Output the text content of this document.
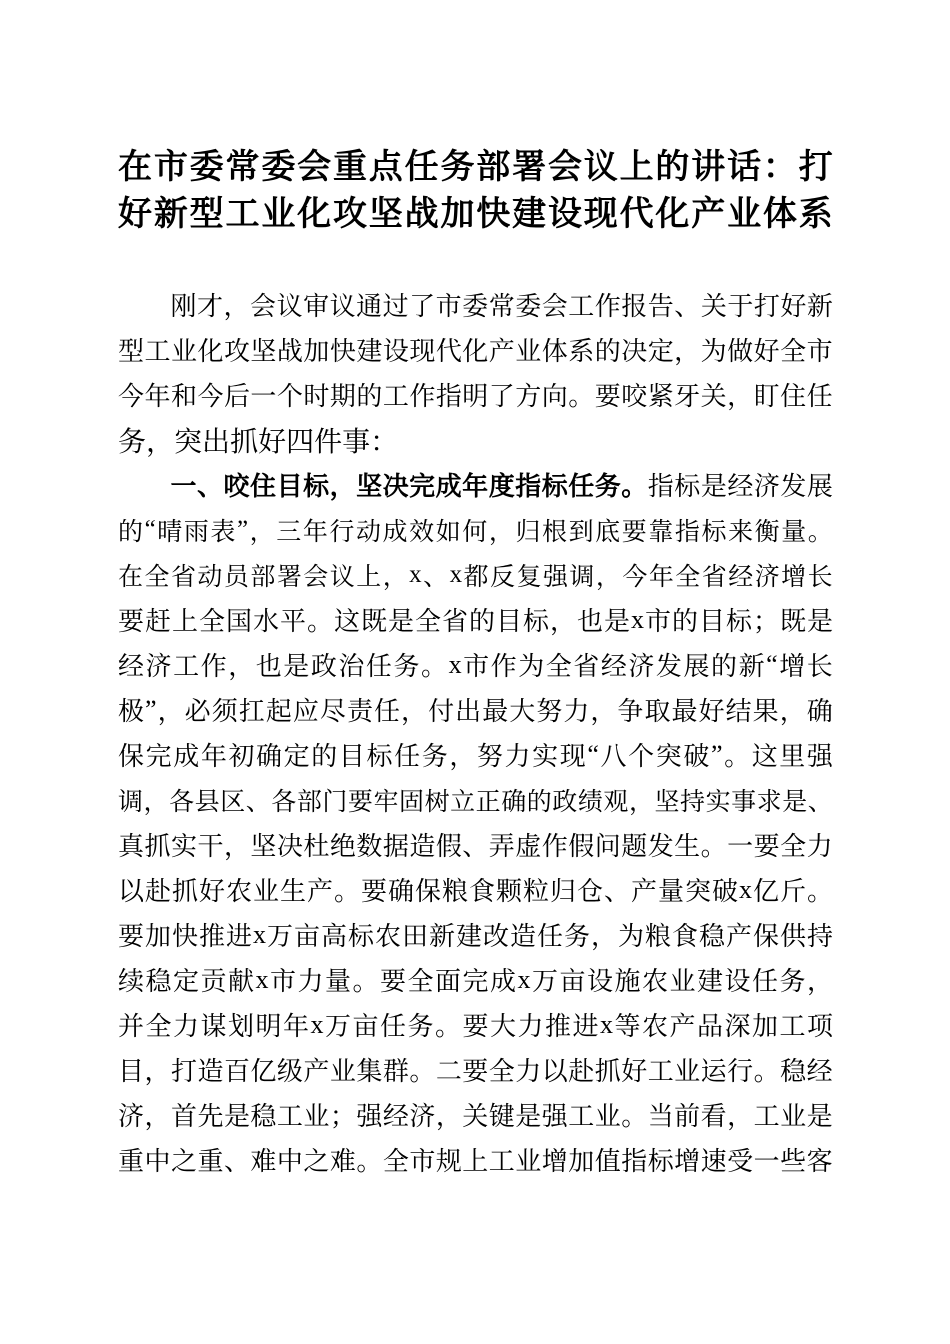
在 市 委 常 委 会 重 点 任 务 部 署 会 议 上 的 讲 话 ： 打
好 新 型 工 业 化 攻 坚 战 加 快 建 设 现 代 化 产 业 体 系
刚 才 ， 会 议 审 议 通 过 了 市 委 常 委 会 工 作 报 告 、 关 于 打 好 新
型 工 业 化 攻 坚 战 加 快 建 设 现 代 化 产 业 体 系 的 决 定 ， 为 做 好 全 市
今 年 和 今 后 一 个 时 期 的 工 作 指 明 了 方 向 。 要 咬 紧 牙 关 ， 盯 住 任
务 ， 突 出 抓 好 四 件 事 ：
一 、 咬 住 目 标 ， 坚 决 完 成 年 度 指 标 任 务 。 指 标 是 经 济 发 展
的 “ 晴 雨 表 ” ， 三 年 行 动 成 效 如 何 ， 归 根 到 底 要 靠 指 标 来 衡 量 。
在 全 省 动 员 部 署 会 议 上 ， x 、 x 都 反 复 强 调 ， 今 年 全 省 经 济 增 长
要 赶 上 全 国 水 平 。 这 既 是 全 省 的 目 标 ， 也 是 x 市 的 目 标 ； 既 是
经 济 工 作 ， 也 是 政 治 任 务 。 x 市 作 为 全 省 经 济 发 展 的 新 “ 增 长
极 ” ， 必 须 扛 起 应 尽 责 任 ， 付 出 最 大 努 力 ， 争 取 最 好 结 果 ， 确
保 完 成 年 初 确 定 的 目 标 任 务 ， 努 力 实 现 “ 八 个 突 破 ” 。 这 里 强
调 ， 各 县 区 、 各 部 门 要 牢 固 树 立 正 确 的 政 绩 观 ， 坚 持 实 事 求 是 、
真 抓 实 干 ， 坚 决 杜 绝 数 据 造 假 、 弄 虚 作 假 问 题 发 生 。 一 要 全 力
以 赴 抓 好 农 业 生 产 。 要 确 保 粮 食 颗 粒 归 仓 、 产 量 突 破 x 亿 斤 。
要 加 快 推 进 x 万 亩 高 标 农 田 新 建 改 造 任 务 ， 为 粮 食 稳 产 保 供 持
续 稳 定 贡 献 x 市 力 量 。 要 全 面 完 成 x 万 亩 设 施 农 业 建 设 任 务 ，
并 全 力 谋 划 明 年 x 万 亩 任 务 。 要 大 力 推 进 x 等 农 产 品 深 加 工 项
目 ， 打 造 百 亿 级 产 业 集 群 。 二 要 全 力 以 赴 抓 好 工 业 运 行 。 稳 经
济 ， 首 先 是 稳 工 业 ； 强 经 济 ， 关 键 是 强 工 业 。 当 前 看 ， 工 业 是
重 中 之 重 、 难 中 之 难 。 全 市 规 上 工 业 增 加 值 指 标 增 速 受 一 些 客
